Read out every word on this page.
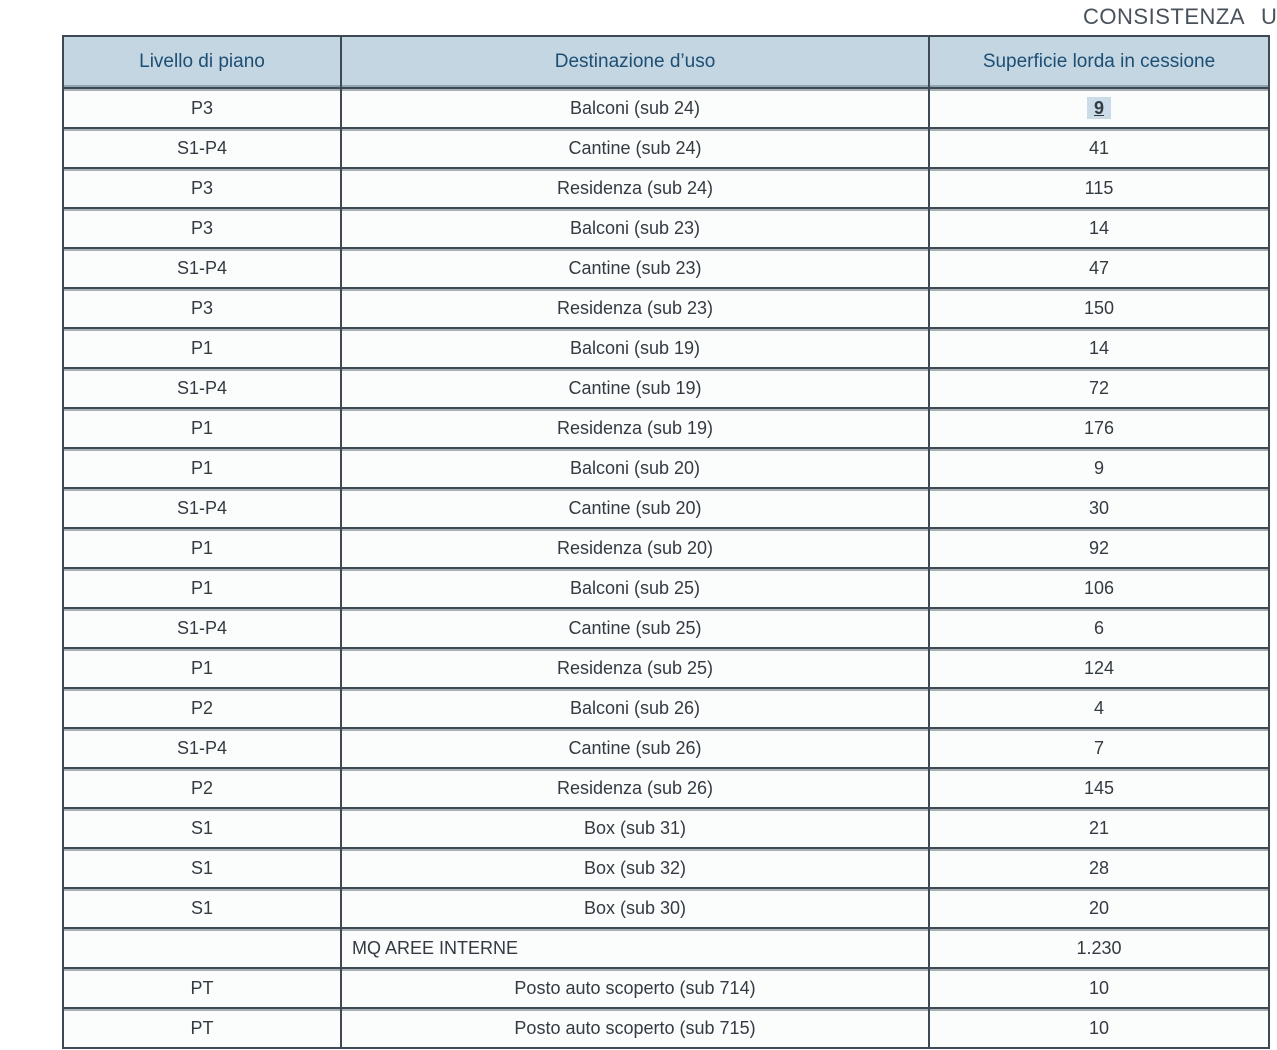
CONSISTENZA U
Livello di piano	Destinazione d’uso	Superficie lorda in cessione
P3	Balconi (sub 24)	9
S1-P4	Cantine (sub 24)	41
P3	Residenza (sub 24)	115
P3	Balconi (sub 23)	14
S1-P4	Cantine (sub 23)	47
P3	Residenza (sub 23)	150
P1	Balconi (sub 19)	14
S1-P4	Cantine (sub 19)	72
P1	Residenza (sub 19)	176
P1	Balconi (sub 20)	9
S1-P4	Cantine (sub 20)	30
P1	Residenza (sub 20)	92
P1	Balconi (sub 25)	106
S1-P4	Cantine (sub 25)	6
P1	Residenza (sub 25)	124
P2	Balconi (sub 26)	4
S1-P4	Cantine (sub 26)	7
P2	Residenza (sub 26)	145
S1	Box (sub 31)	21
S1	Box (sub 32)	28
S1	Box (sub 30)	20
	MQ AREE INTERNE	1.230
PT	Posto auto scoperto (sub 714)	10
PT	Posto auto scoperto (sub 715)	10
